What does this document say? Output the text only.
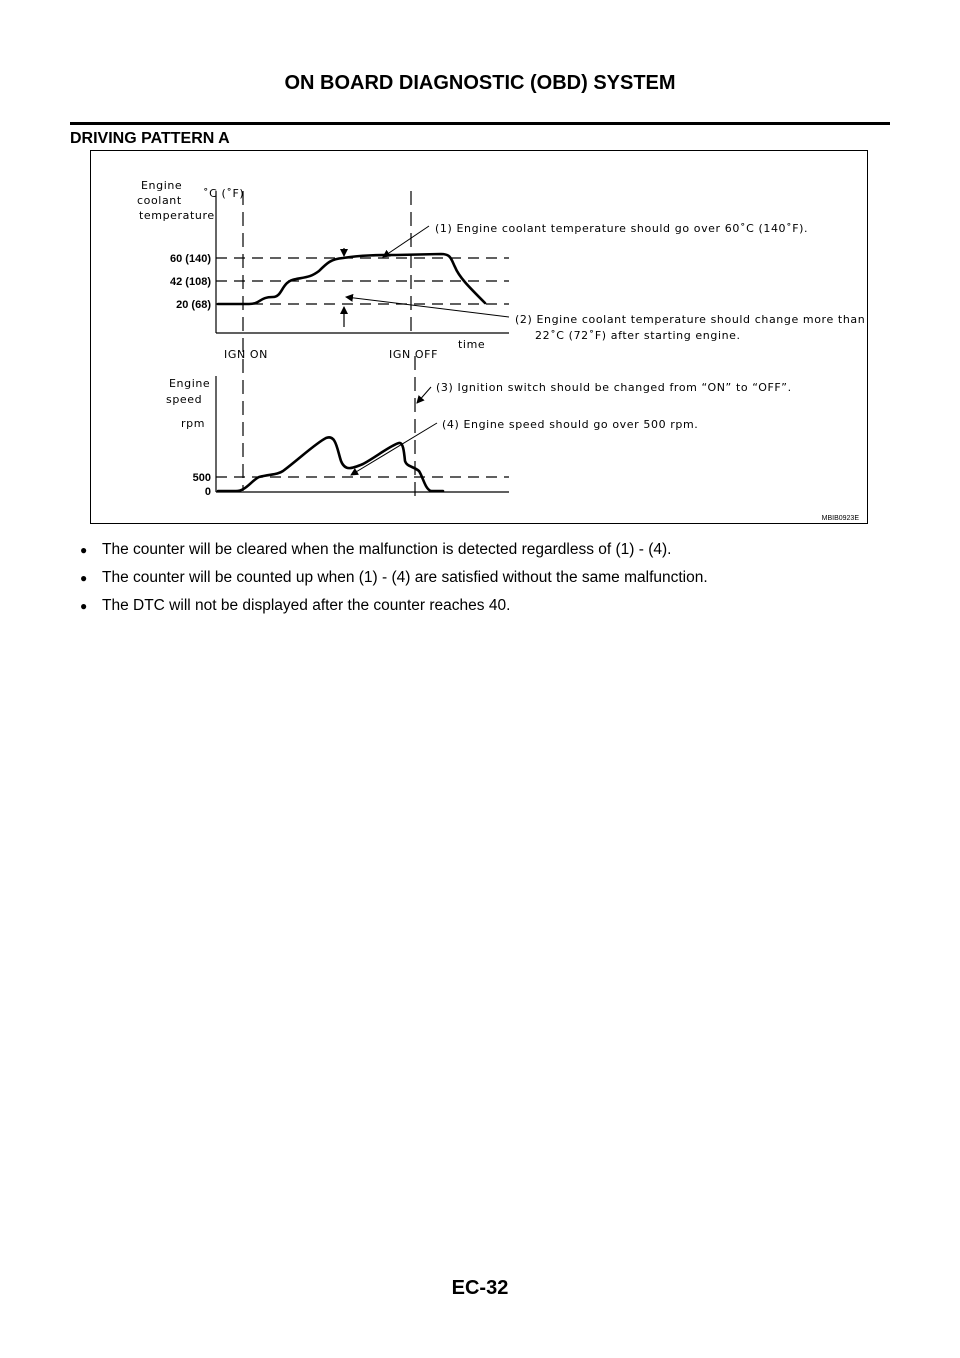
ON BOARD DIAGNOSTIC (OBD) SYSTEM
DRIVING PATTERN A
Engine
coolant
temperature
˚C (˚F)
60 (140)
42 (108)
20 (68)
IGN ON	IGN OFF
time
Engine
speed
rpm
500
0
(1) Engine coolant temperature should go over 60˚C (140˚F).
(2) Engine coolant temperature should change more than
22˚C (72˚F) after starting engine.
(3) Ignition switch should be changed from “ON” to “OFF”.
(4) Engine speed should go over 500 rpm.
MBIB0923E
● The counter will be cleared when the malfunction is detected regardless of (1) - (4).
● The counter will be counted up when (1) - (4) are satisfied without the same malfunction.
● The DTC will not be displayed after the counter reaches 40.
EC-32
